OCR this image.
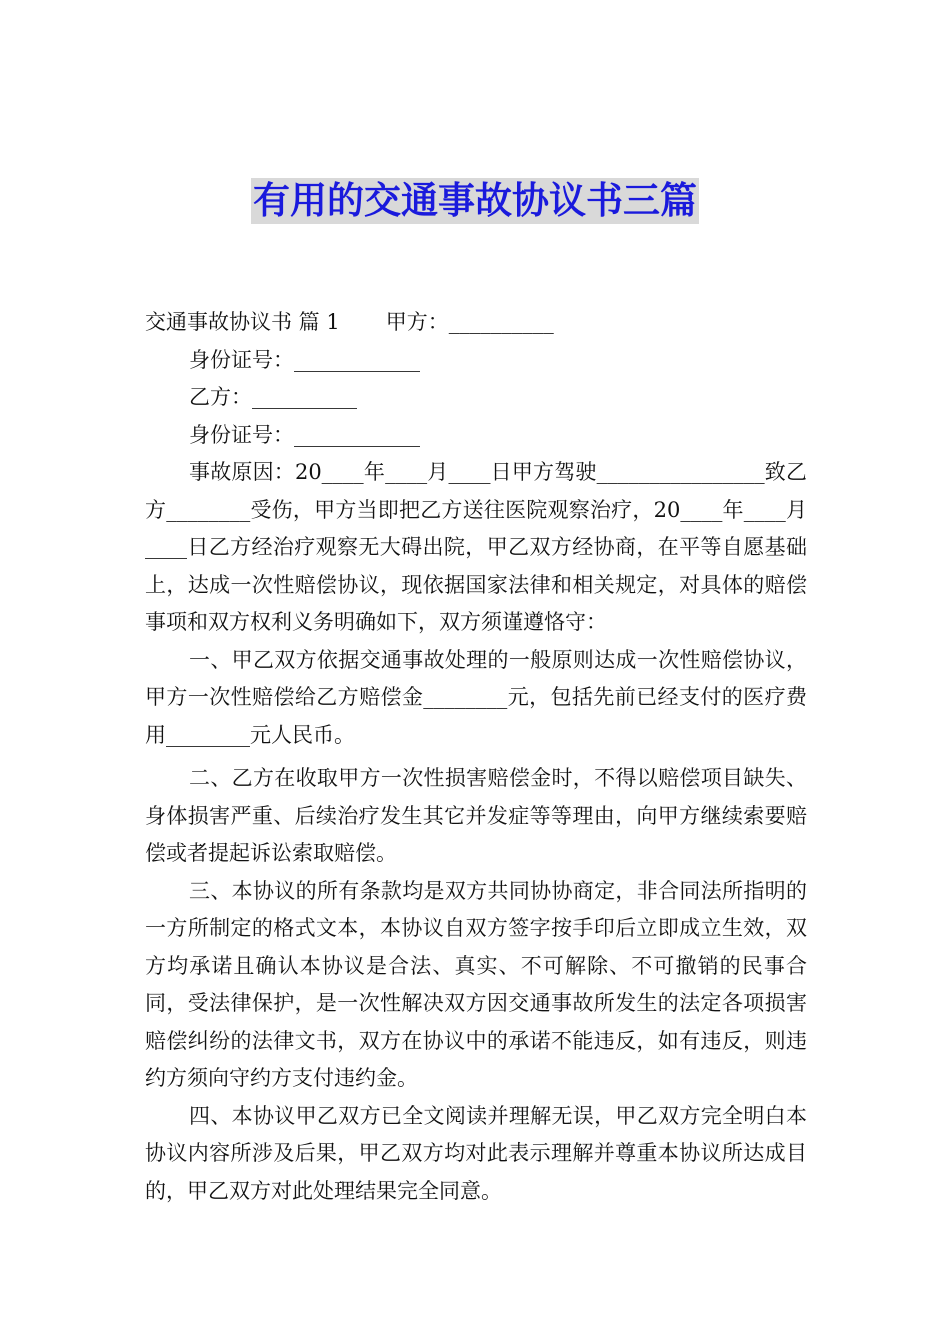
有用的交通事故协议书三篇

交通事故协议书 篇 1 甲方：__________

身份证号：____________

乙方：__________

身份证号：____________

事故原因：20____年____月____日甲方驾驶________________致乙方________受伤，甲方当即把乙方送往医院观察治疗，20____年____月____日乙方经治疗观察无大碍出院，甲乙双方经协商，在平等自愿基础上，达成一次性赔偿协议，现依据国家法律和相关规定，对具体的赔偿事项和双方权利义务明确如下，双方须谨遵恪守：

一、甲乙双方依据交通事故处理的一般原则达成一次性赔偿协议，甲方一次性赔偿给乙方赔偿金________元，包括先前已经支付的医疗费用________元人民币。

二、乙方在收取甲方一次性损害赔偿金时，不得以赔偿项目缺失、身体损害严重、后续治疗发生其它并发症等等理由，向甲方继续索要赔偿或者提起诉讼索取赔偿。

三、本协议的所有条款均是双方共同协协商定，非合同法所指明的一方所制定的格式文本，本协议自双方签字按手印后立即成立生效，双方均承诺且确认本协议是合法、真实、不可解除、不可撤销的民事合同，受法律保护，是一次性解决双方因交通事故所发生的法定各项损害赔偿纠纷的法律文书，双方在协议中的承诺不能违反，如有违反，则违约方须向守约方支付违约金。

四、本协议甲乙双方已全文阅读并理解无误，甲乙双方完全明白本协议内容所涉及后果，甲乙双方均对此表示理解并尊重本协议所达成目的，甲乙双方对此处理结果完全同意。
